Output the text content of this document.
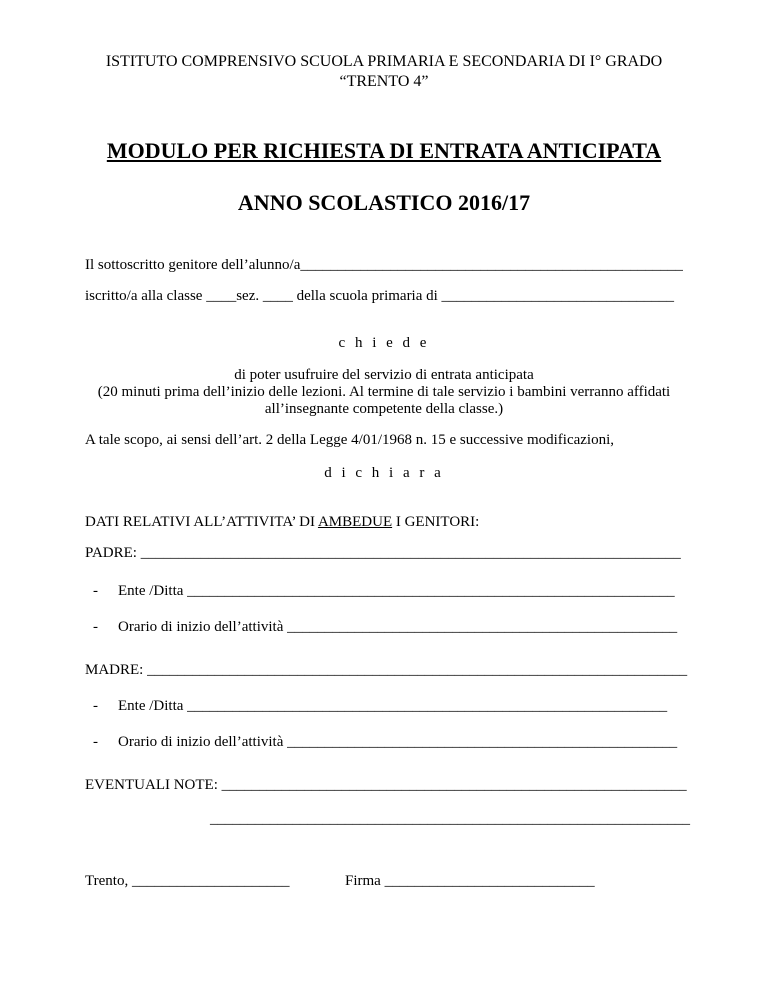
ISTITUTO COMPRENSIVO SCUOLA PRIMARIA E SECONDARIA DI I° GRADO
“TRENTO 4”
MODULO PER RICHIESTA DI ENTRATA ANTICIPATA
ANNO SCOLASTICO 2016/17
Il sottoscritto genitore dell’alunno/a___________________________________________________
iscritto/a alla classe ____sez. ____ della scuola primaria di _______________________________
c h i e d e
di poter usufruire del servizio di entrata anticipata
(20 minuti prima dell’inizio delle lezioni. Al termine di tale servizio i bambini verranno affidati
all’insegnante competente della classe.)
A tale scopo, ai sensi dell’art. 2 della Legge 4/01/1968 n. 15 e successive modificazioni,
d i c h i a r a
DATI RELATIVI ALL’ATTIVITA’ DI AMBEDUE I GENITORI:
PADRE: ________________________________________________________________________
- Ente /Ditta _________________________________________________________________
- Orario di inizio dell’attività ____________________________________________________
MADRE: ________________________________________________________________________
- Ente /Ditta ________________________________________________________________
- Orario di inizio dell’attività ____________________________________________________
EVENTUALI NOTE: ______________________________________________________________
________________________________________________________________
Trento, _____________________	Firma ____________________________
